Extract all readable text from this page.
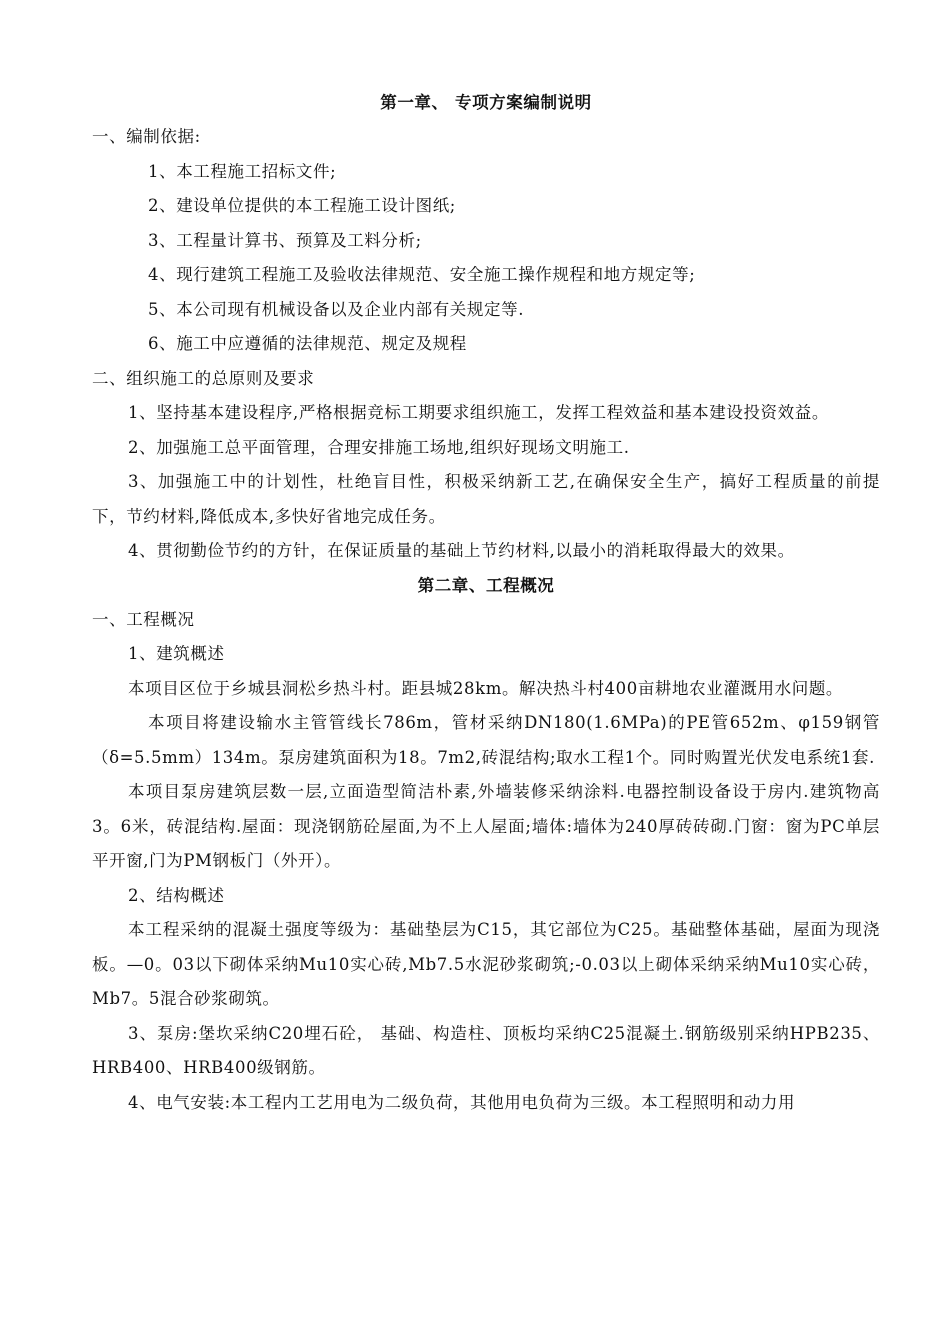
第一章、 专项方案编制说明

一、编制依据:

1、本工程施工招标文件;

2、建设单位提供的本工程施工设计图纸;

3、工程量计算书、预算及工料分析;

4、现行建筑工程施工及验收法律规范、安全施工操作规程和地方规定等;

5、本公司现有机械设备以及企业内部有关规定等.

6、施工中应遵循的法律规范、规定及规程

二、组织施工的总原则及要求

1、坚持基本建设程序,严格根据竞标工期要求组织施工，发挥工程效益和基本建设投资效益。

2、加强施工总平面管理，合理安排施工场地,组织好现场文明施工.

3、加强施工中的计划性，杜绝盲目性，积极采纳新工艺,在确保安全生产，搞好工程质量的前提下，节约材料,降低成本,多快好省地完成任务。

4、贯彻勤俭节约的方针，在保证质量的基础上节约材料,以最小的消耗取得最大的效果。

第二章、工程概况

一、工程概况

1、建筑概述

本项目区位于乡城县洞松乡热斗村。距县城28km。解决热斗村400亩耕地农业灌溉用水问题。

本项目将建设输水主管管线长786m，管材采纳DN180(1.6MPa)的PE管652m、φ159钢管（δ=5.5mm）134m。泵房建筑面积为18。7m2,砖混结构;取水工程1个。同时购置光伏发电系统1套.

本项目泵房建筑层数一层,立面造型简洁朴素,外墙装修采纳涂料.电器控制设备设于房内.建筑物高3。6米，砖混结构.屋面：现浇钢筋砼屋面,为不上人屋面;墙体:墙体为240厚砖砖砌.门窗：窗为PC单层平开窗,门为PM钢板门（外开）。

2、结构概述

本工程采纳的混凝土强度等级为：基础垫层为C15，其它部位为C25。基础整体基础，屋面为现浇板。—0。03以下砌体采纳Mu10实心砖,Mb7.5水泥砂浆砌筑;-0.03以上砌体采纳采纳Mu10实心砖，Mb7。5混合砂浆砌筑。

3、泵房:堡坎采纳C20埋石砼， 基础、构造柱、顶板均采纳C25混凝土.钢筋级别采纳HPB235、HRB400、HRB400级钢筋。

4、电气安装:本工程内工艺用电为二级负荷，其他用电负荷为三级。本工程照明和动力用
